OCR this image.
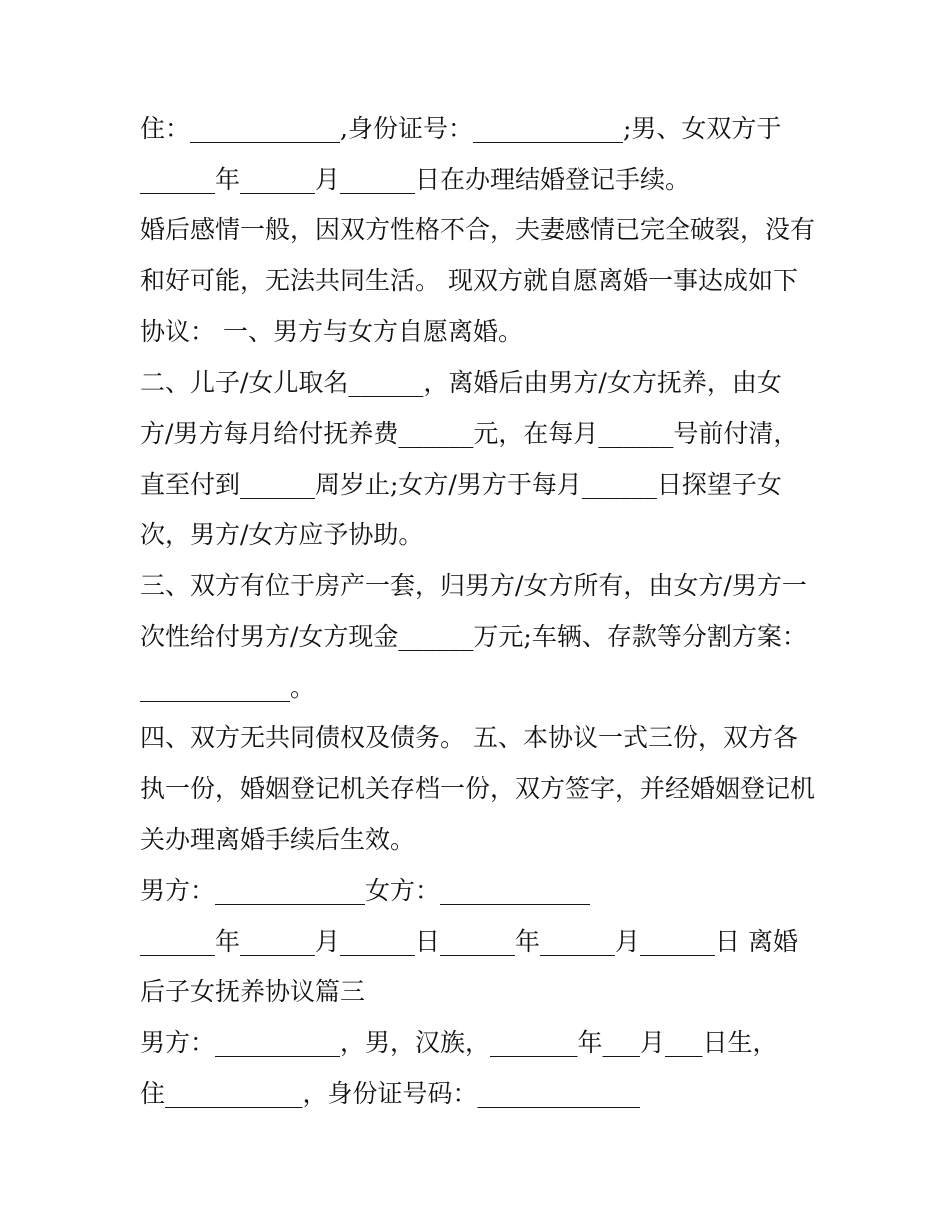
住：____________,身份证号：____________;男、女双方于
______年______月______日在办理结婚登记手续。
婚后感情一般，因双方性格不合，夫妻感情已完全破裂，没有
和好可能，无法共同生活。 现双方就自愿离婚一事达成如下
协议： 一、男方与女方自愿离婚。
二、儿子/女儿取名______，离婚后由男方/女方抚养，由女
方/男方每月给付抚养费______元，在每月______号前付清，
直至付到______周岁止;女方/男方于每月______日探望子女
次，男方/女方应予协助。
三、双方有位于房产一套，归男方/女方所有，由女方/男方一
次性给付男方/女方现金______万元;车辆、存款等分割方案：
____________。
四、双方无共同债权及债务。 五、本协议一式三份，双方各
执一份，婚姻登记机关存档一份，双方签字，并经婚姻登记机
关办理离婚手续后生效。
男方：____________女方：____________
______年______月______日______年______月______日 离婚
后子女抚养协议篇三
男方：__________，男，汉族，_______年___月___日生，
住___________，身份证号码：_____________
